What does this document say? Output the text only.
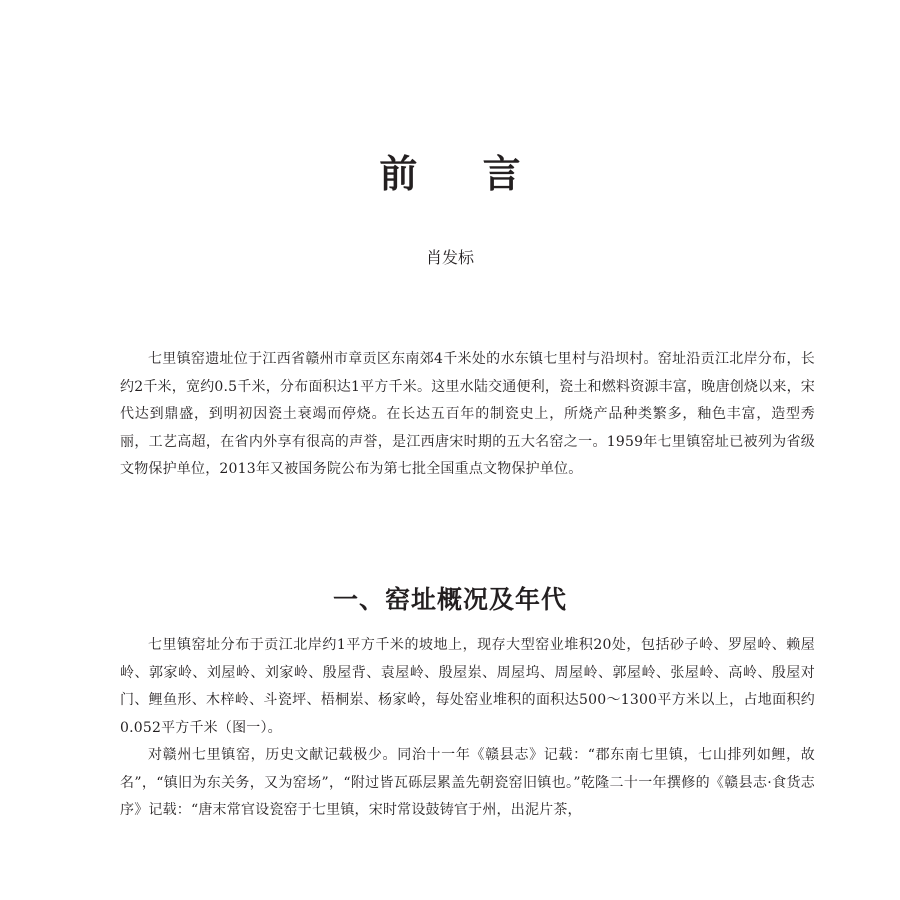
前 言

肖发标

七里镇窑遗址位于江西省赣州市章贡区东南郊4千米处的水东镇七里村与沿坝村。窑址沿贡江北岸分布，长约2千米，宽约0.5千米，分布面积达1平方千米。这里水陆交通便利，瓷土和燃料资源丰富，晚唐创烧以来，宋代达到鼎盛，到明初因瓷土衰竭而停烧。在长达五百年的制瓷史上，所烧产品种类繁多，釉色丰富，造型秀丽，工艺高超，在省内外享有很高的声誉，是江西唐宋时期的五大名窑之一。1959年七里镇窑址已被列为省级文物保护单位，2013年又被国务院公布为第七批全国重点文物保护单位。

一、窑址概况及年代

七里镇窑址分布于贡江北岸约1平方千米的坡地上，现存大型窑业堆积20处，包括砂子岭、罗屋岭、赖屋岭、郭家岭、刘屋岭、刘家岭、殷屋背、袁屋岭、殷屋岽、周屋坞、周屋岭、郭屋岭、张屋岭、高岭、殷屋对门、鲤鱼形、木梓岭、斗瓷坪、梧桐岽、杨家岭，每处窑业堆积的面积达500～1300平方米以上，占地面积约0.052平方千米（图一）。

对赣州七里镇窑，历史文献记载极少。同治十一年《赣县志》记载：“郡东南七里镇，七山排列如鲤，故名”，“镇旧为东关务，又为窑场”，“附过皆瓦砾层累盖先朝瓷窑旧镇也。”乾隆二十一年撰修的《赣县志·食货志序》记载：“唐末常官设瓷窑于七里镇，宋时常设鼓铸官于州，出泥片茶，
